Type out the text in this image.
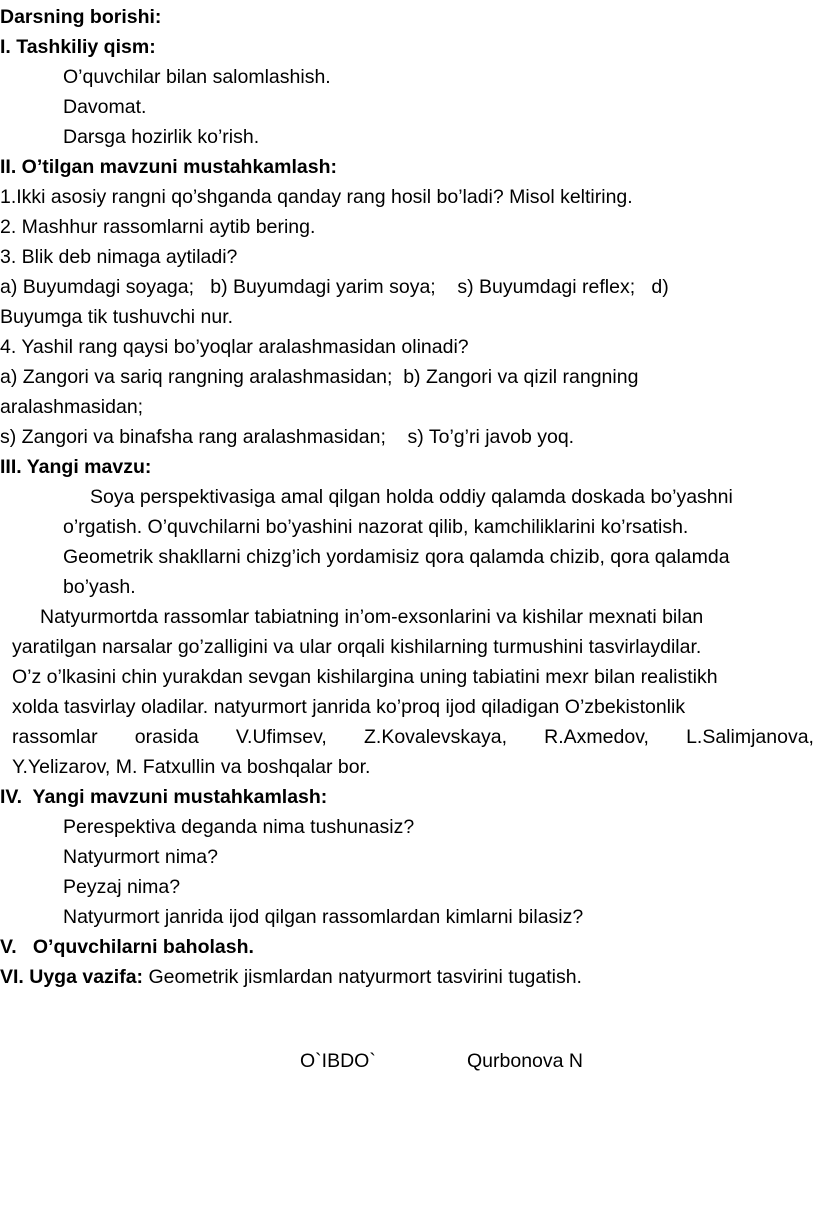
Darsning borishi:
I. Tashkiliy qism:
O’quvchilar bilan salomlashish.
Davomat.
Darsga hozirlik ko’rish.
II. O’tilgan mavzuni mustahkamlash:
1.Ikki asosiy rangni qo’shganda qanday rang hosil bo’ladi? Misol keltiring.
2. Mashhur rassomlarni aytib bering.
3. Blik deb nimaga aytiladi?
a) Buyumdagi soyaga;   b) Buyumdagi yarim soya;    s) Buyumdagi reflex;   d)
Buyumga tik tushuvchi nur.
4. Yashil rang qaysi bo’yoqlar aralashmasidan olinadi?
a) Zangori va sariq rangning aralashmasidan;  b) Zangori va qizil rangning
aralashmasidan;
s) Zangori va binafsha rang aralashmasidan;    s) To’g’ri javob yoq.
III. Yangi mavzu:
Soya perspektivasiga amal qilgan holda oddiy qalamda doskada bo’yashni
o’rgatish. O’quvchilarni bo’yashini nazorat qilib, kamchiliklarini ko’rsatish.
Geometrik shakllarni chizg’ich yordamisiz qora qalamda chizib, qora qalamda
bo’yash.
Natyurmortda rassomlar tabiatning in’om-exsonlarini va kishilar mexnati bilan
yaratilgan narsalar go’zalligini va ular orqali kishilarning turmushini tasvirlaydilar.
O’z o’lkasini chin yurakdan sevgan kishilargina uning tabiatini mexr bilan realistikh
xolda tasvirlay oladilar. natyurmort janrida ko’proq ijod qiladigan O’zbekistonlik
rassomlar orasida V.Ufimsev, Z.Kovalevskaya, R.Axmedov, L.Salimjanova,
Y.Yelizarov, M. Fatxullin va boshqalar bor.
IV.  Yangi mavzuni mustahkamlash:
Perespektiva deganda nima tushunasiz?
Natyurmort nima?
Peyzaj nima?
Natyurmort janrida ijod qilgan rassomlardan kimlarni bilasiz?
V.   O’quvchilarni baholash.
VI. Uyga vazifa: Geometrik jismlardan natyurmort tasvirini tugatish.
O`IBDO`	Qurbonova N
